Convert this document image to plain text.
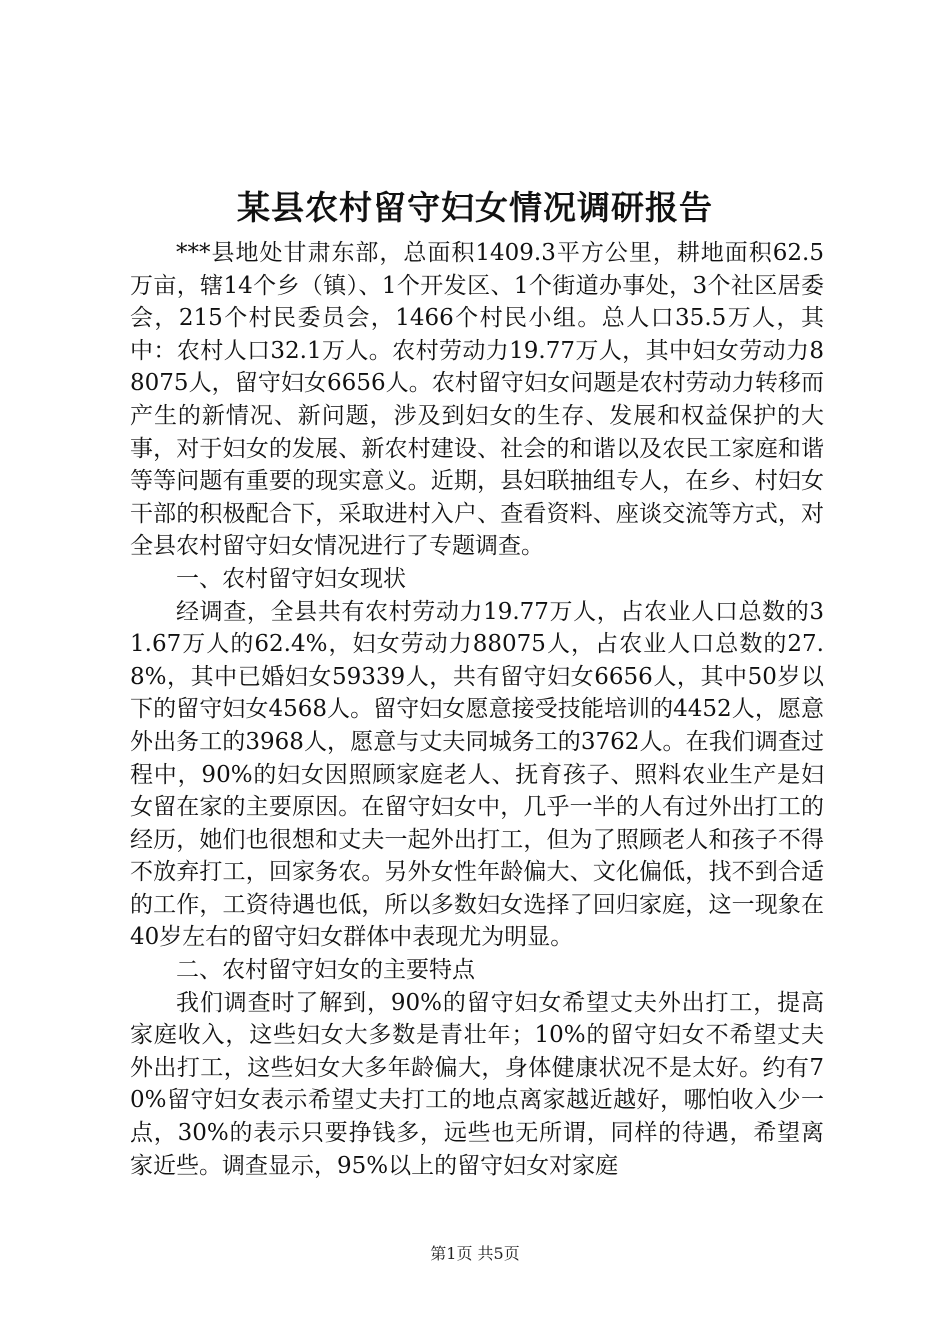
某县农村留守妇女情况调研报告

***县地处甘肃东部，总面积1409.3平方公里，耕地面积62.5万亩，辖14个乡（镇）、1个开发区、1个街道办事处，3个社区居委会，215个村民委员会，1466个村民小组。总人口35.5万人，其中：农村人口32.1万人。农村劳动力19.77万人，其中妇女劳动力88075人，留守妇女6656人。农村留守妇女问题是农村劳动力转移而产生的新情况、新问题，涉及到妇女的生存、发展和权益保护的大事，对于妇女的发展、新农村建设、社会的和谐以及农民工家庭和谐等等问题有重要的现实意义。近期，县妇联抽组专人，在乡、村妇女干部的积极配合下，采取进村入户、查看资料、座谈交流等方式，对全县农村留守妇女情况进行了专题调查。

一、农村留守妇女现状

经调查，全县共有农村劳动力19.77万人，占农业人口总数的31.67万人的62.4%，妇女劳动力88075人，占农业人口总数的27.8%，其中已婚妇女59339人，共有留守妇女6656人，其中50岁以下的留守妇女4568人。留守妇女愿意接受技能培训的4452人，愿意外出务工的3968人，愿意与丈夫同城务工的3762人。在我们调查过程中，90%的妇女因照顾家庭老人、抚育孩子、照料农业生产是妇女留在家的主要原因。在留守妇女中，几乎一半的人有过外出打工的经历，她们也很想和丈夫一起外出打工，但为了照顾老人和孩子不得不放弃打工，回家务农。另外女性年龄偏大、文化偏低，找不到合适的工作，工资待遇也低，所以多数妇女选择了回归家庭，这一现象在40岁左右的留守妇女群体中表现尤为明显。

二、农村留守妇女的主要特点

我们调查时了解到，90%的留守妇女希望丈夫外出打工，提高家庭收入，这些妇女大多数是青壮年；10%的留守妇女不希望丈夫外出打工，这些妇女大多年龄偏大，身体健康状况不是太好。约有70%留守妇女表示希望丈夫打工的地点离家越近越好，哪怕收入少一点，30%的表示只要挣钱多，远些也无所谓，同样的待遇，希望离家近些。调查显示，95%以上的留守妇女对家庭

第1页 共5页
